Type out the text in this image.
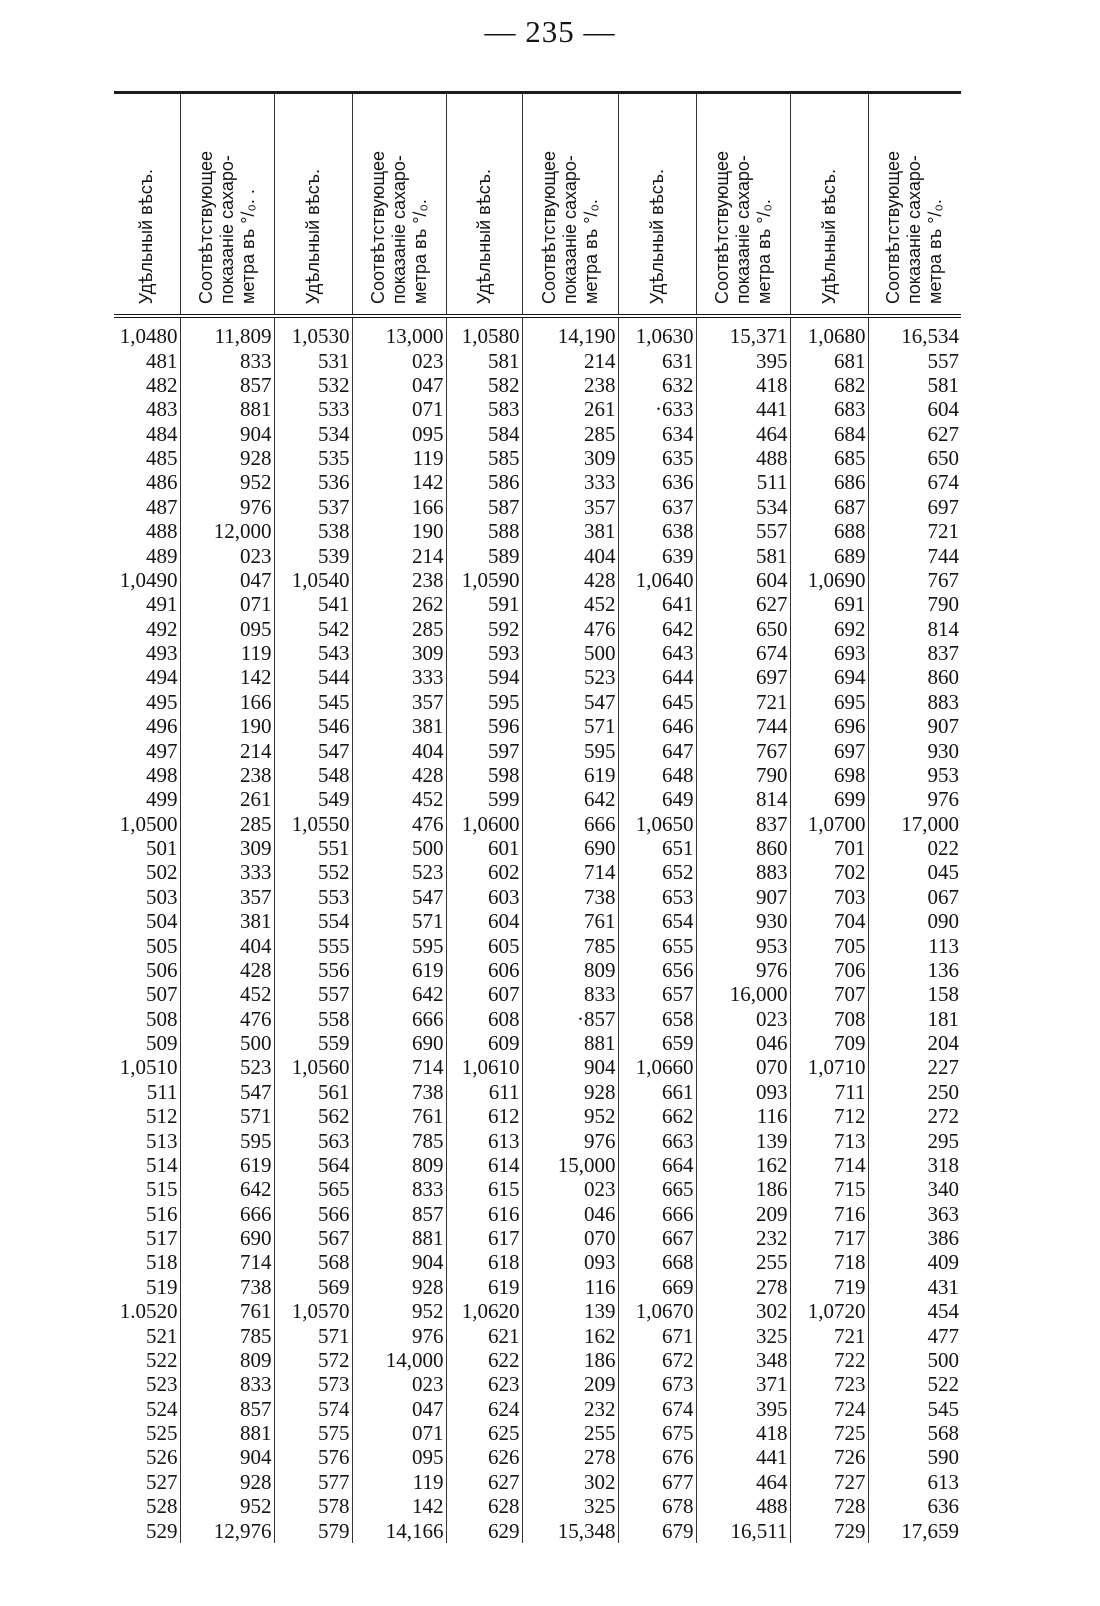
— 235 —
Удѣльный вѣсъ.	Соотвѣтствующее
показаніе сахаро-
метра въ °/₀. .	Удѣльный вѣсъ.	Соотвѣтствующее
показаніе сахаро-
метра въ °/₀.	Удѣльный вѣсъ.	Соотвѣтствующее
показаніе сахаро-
метра въ °/₀.	Удѣльный вѣсъ.	Соотвѣтствующее
показаніе сахаро-
метра въ °/₀.	Удѣльный вѣсъ.	Соотвѣтствующее
показаніе сахаро-
метра въ °/₀.

1,0480	11,809	1,0530	13,000	1,0580	14,190	1,0630	15,371	1,0680	16,534
481	833	531	023	581	214	631	395	681	557
482	857	532	047	582	238	632	418	682	581
483	881	533	071	583	261	·633	441	683	604
484	904	534	095	584	285	634	464	684	627
485	928	535	119	585	309	635	488	685	650
486	952	536	142	586	333	636	511	686	674
487	976	537	166	587	357	637	534	687	697
488	12,000	538	190	588	381	638	557	688	721
489	023	539	214	589	404	639	581	689	744
1,0490	047	1,0540	238	1,0590	428	1,0640	604	1,0690	767
491	071	541	262	591	452	641	627	691	790
492	095	542	285	592	476	642	650	692	814
493	119	543	309	593	500	643	674	693	837
494	142	544	333	594	523	644	697	694	860
495	166	545	357	595	547	645	721	695	883
496	190	546	381	596	571	646	744	696	907
497	214	547	404	597	595	647	767	697	930
498	238	548	428	598	619	648	790	698	953
499	261	549	452	599	642	649	814	699	976
1,0500	285	1,0550	476	1,0600	666	1,0650	837	1,0700	17,000
501	309	551	500	601	690	651	860	701	022
502	333	552	523	602	714	652	883	702	045
503	357	553	547	603	738	653	907	703	067
504	381	554	571	604	761	654	930	704	090
505	404	555	595	605	785	655	953	705	113
506	428	556	619	606	809	656	976	706	136
507	452	557	642	607	833	657	16,000	707	158
508	476	558	666	608	·857	658	023	708	181
509	500	559	690	609	881	659	046	709	204
1,0510	523	1,0560	714	1,0610	904	1,0660	070	1,0710	227
511	547	561	738	611	928	661	093	711	250
512	571	562	761	612	952	662	116	712	272
513	595	563	785	613	976	663	139	713	295
514	619	564	809	614	15,000	664	162	714	318
515	642	565	833	615	023	665	186	715	340
516	666	566	857	616	046	666	209	716	363
517	690	567	881	617	070	667	232	717	386
518	714	568	904	618	093	668	255	718	409
519	738	569	928	619	116	669	278	719	431
1.0520	761	1,0570	952	1,0620	139	1,0670	302	1,0720	454
521	785	571	976	621	162	671	325	721	477
522	809	572	14,000	622	186	672	348	722	500
523	833	573	023	623	209	673	371	723	522
524	857	574	047	624	232	674	395	724	545
525	881	575	071	625	255	675	418	725	568
526	904	576	095	626	278	676	441	726	590
527	928	577	119	627	302	677	464	727	613
528	952	578	142	628	325	678	488	728	636
529	12,976	579	14,166	629	15,348	679	16,511	729	17,659
